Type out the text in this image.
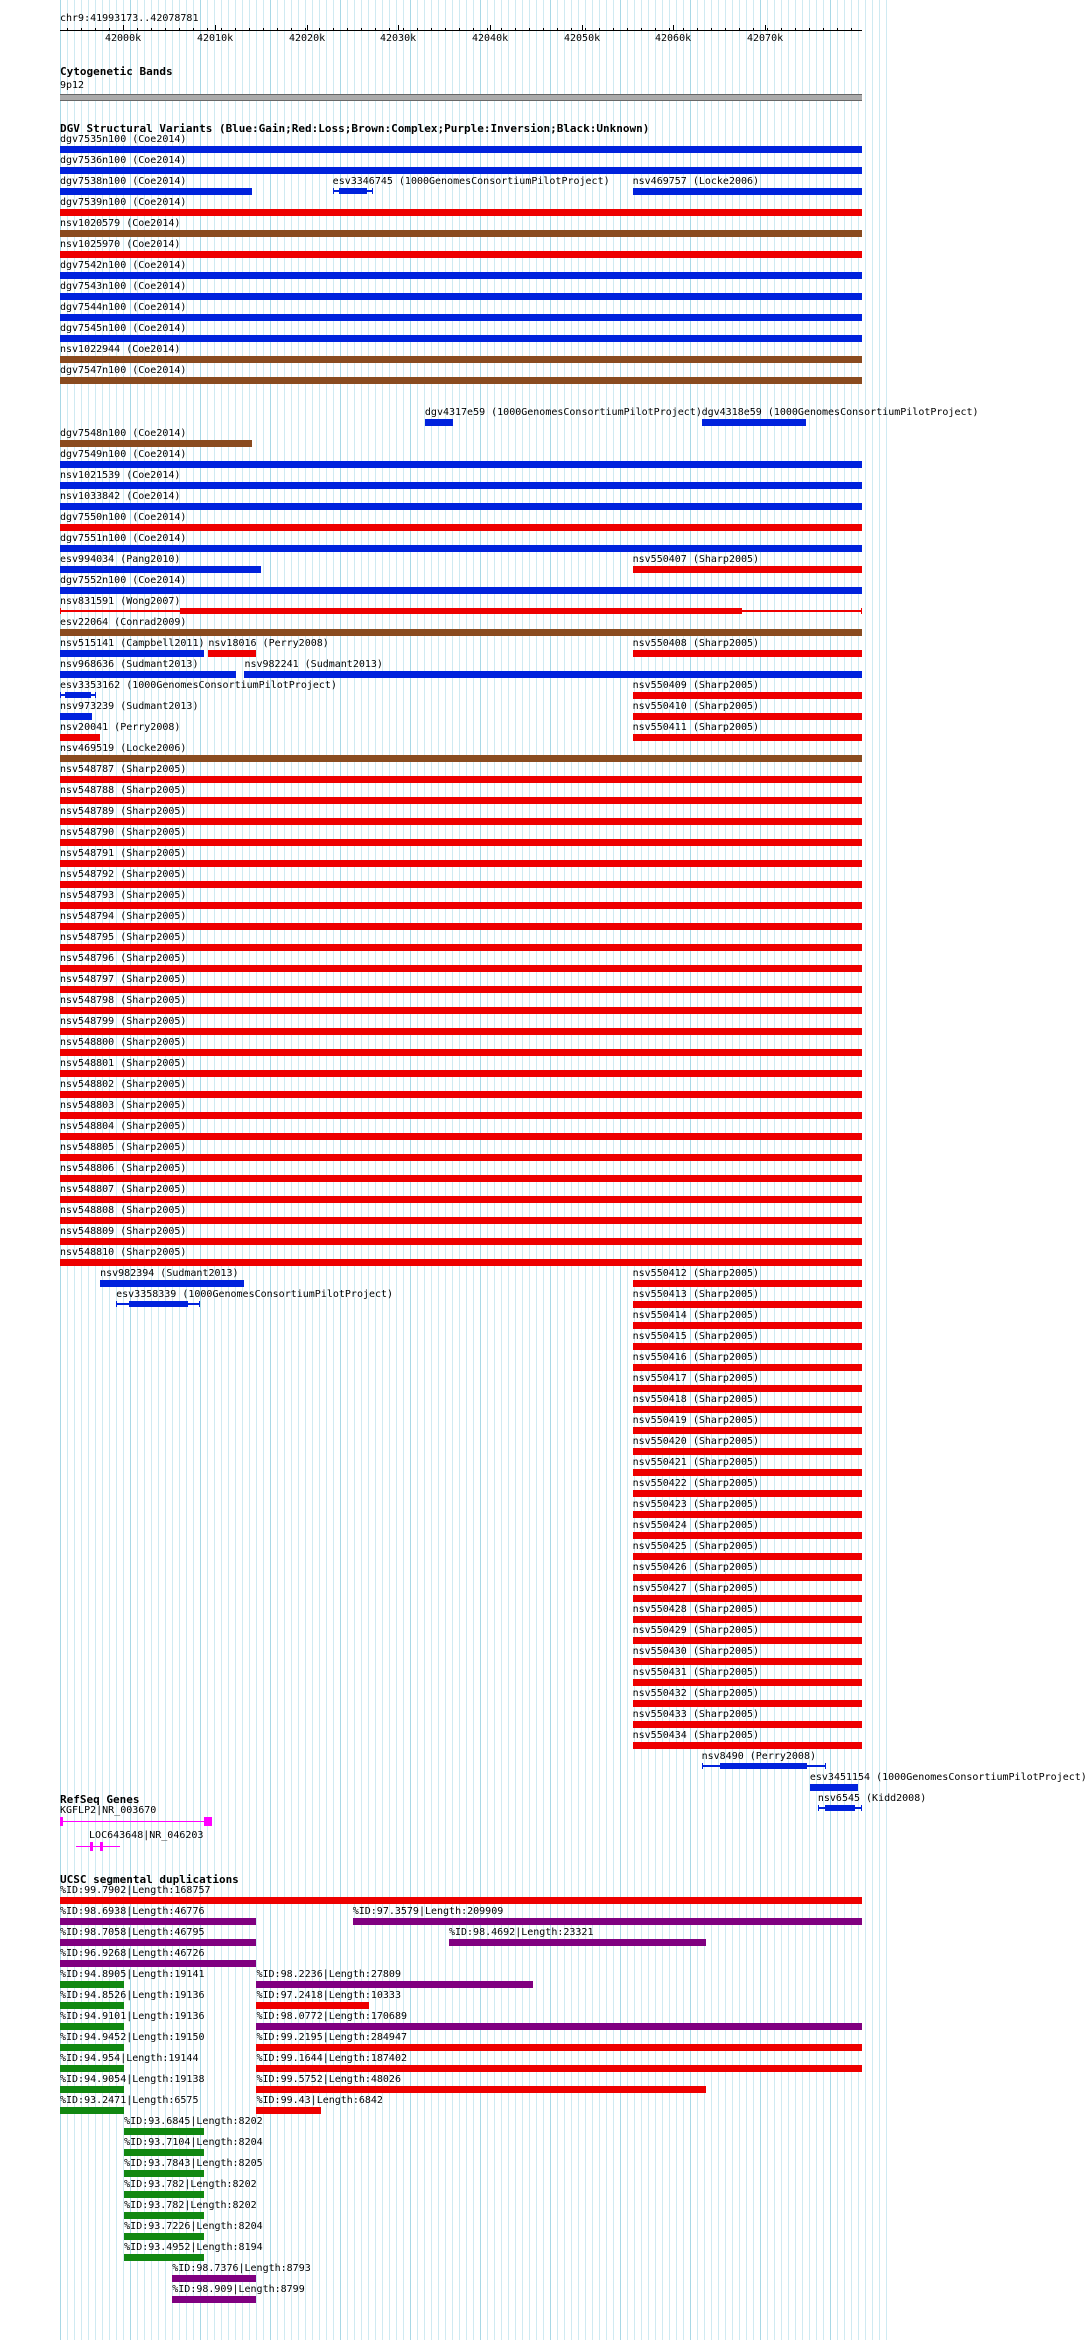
chr9:41993173..42078781
42000k	42010k	42020k	42030k	42040k	42050k	42060k	42070k
Cytogenetic Bands
9p12
DGV Structural Variants (Blue:Gain;Red:Loss;Brown:Complex;Purple:Inversion;Black:Unknown)
dgv7535n100 (Coe2014)
dgv7536n100 (Coe2014)
dgv7538n100 (Coe2014)	esv3346745 (1000GenomesConsortiumPilotProject) nsv469757 (Locke2006)
dgv7539n100 (Coe2014)
nsv1020579 (Coe2014)
nsv1025970 (Coe2014)
dgv7542n100 (Coe2014)
dgv7543n100 (Coe2014)
dgv7544n100 (Coe2014)
dgv7545n100 (Coe2014)
nsv1022944 (Coe2014)
dgv7547n100 (Coe2014)
dgv4317e59 (1000GenomesConsortiumPilotProject) dgv4318e59 (1000GenomesConsortiumPilotProject)
dgv7548n100 (Coe2014)
dgv7549n100 (Coe2014)
nsv1021539 (Coe2014)
nsv1033842 (Coe2014)
dgv7550n100 (Coe2014)
dgv7551n100 (Coe2014)
esv994034 (Pang2010)	nsv550407 (Sharp2005)
dgv7552n100 (Coe2014)
nsv831591 (Wong2007)
esv22064 (Conrad2009)
nsv515141 (Campbell2011) nsv18016 (Perry2008)	nsv550408 (Sharp2005)
nsv968636 (Sudmant2013)	nsv982241 (Sudmant2013)
esv3353162 (1000GenomesConsortiumPilotProject)	nsv550409 (Sharp2005)
nsv973239 (Sudmant2013)	nsv550410 (Sharp2005)
nsv20041 (Perry2008)	nsv550411 (Sharp2005)
nsv469519 (Locke2006)
nsv548787 (Sharp2005)
nsv548788 (Sharp2005)
nsv548789 (Sharp2005)
nsv548790 (Sharp2005)
nsv548791 (Sharp2005)
nsv548792 (Sharp2005)
nsv548793 (Sharp2005)
nsv548794 (Sharp2005)
nsv548795 (Sharp2005)
nsv548796 (Sharp2005)
nsv548797 (Sharp2005)
nsv548798 (Sharp2005)
nsv548799 (Sharp2005)
nsv548800 (Sharp2005)
nsv548801 (Sharp2005)
nsv548802 (Sharp2005)
nsv548803 (Sharp2005)
nsv548804 (Sharp2005)
nsv548805 (Sharp2005)
nsv548806 (Sharp2005)
nsv548807 (Sharp2005)
nsv548808 (Sharp2005)
nsv548809 (Sharp2005)
nsv548810 (Sharp2005)
nsv982394 (Sudmant2013)	nsv550412 (Sharp2005)
esv3358339 (1000GenomesConsortiumPilotProject)	nsv550413 (Sharp2005)
nsv550414 (Sharp2005)
nsv550415 (Sharp2005)
nsv550416 (Sharp2005)
nsv550417 (Sharp2005)
nsv550418 (Sharp2005)
nsv550419 (Sharp2005)
nsv550420 (Sharp2005)
nsv550421 (Sharp2005)
nsv550422 (Sharp2005)
nsv550423 (Sharp2005)
nsv550424 (Sharp2005)
nsv550425 (Sharp2005)
nsv550426 (Sharp2005)
nsv550427 (Sharp2005)
nsv550428 (Sharp2005)
nsv550429 (Sharp2005)
nsv550430 (Sharp2005)
nsv550431 (Sharp2005)
nsv550432 (Sharp2005)
nsv550433 (Sharp2005)
nsv550434 (Sharp2005)
nsv8490 (Perry2008)
esv3451154 (1000GenomesConsortiumPilotProject)
nsv6545 (Kidd2008)
RefSeq Genes
KGFLP2|NR_003670
LOC643648|NR_046203
UCSC segmental duplications
%ID:99.7902|Length:168757
%ID:98.6938|Length:46776	%ID:97.3579|Length:209909
%ID:98.7058|Length:46795	%ID:98.4692|Length:23321
%ID:96.9268|Length:46726
%ID:94.8905|Length:19141	%ID:98.2236|Length:27809
%ID:94.8526|Length:19136	%ID:97.2418|Length:10333
%ID:94.9101|Length:19136	%ID:98.0772|Length:170689
%ID:94.9452|Length:19150	%ID:99.2195|Length:284947
%ID:94.954|Length:19144	%ID:99.1644|Length:187402
%ID:94.9054|Length:19138	%ID:99.5752|Length:48026
%ID:93.2471|Length:6575	%ID:99.43|Length:6842
%ID:93.6845|Length:8202
%ID:93.7104|Length:8204
%ID:93.7843|Length:8205
%ID:93.782|Length:8202
%ID:93.782|Length:8202
%ID:93.7226|Length:8204
%ID:93.4952|Length:8194
%ID:98.7376|Length:8793
%ID:98.909|Length:8799
